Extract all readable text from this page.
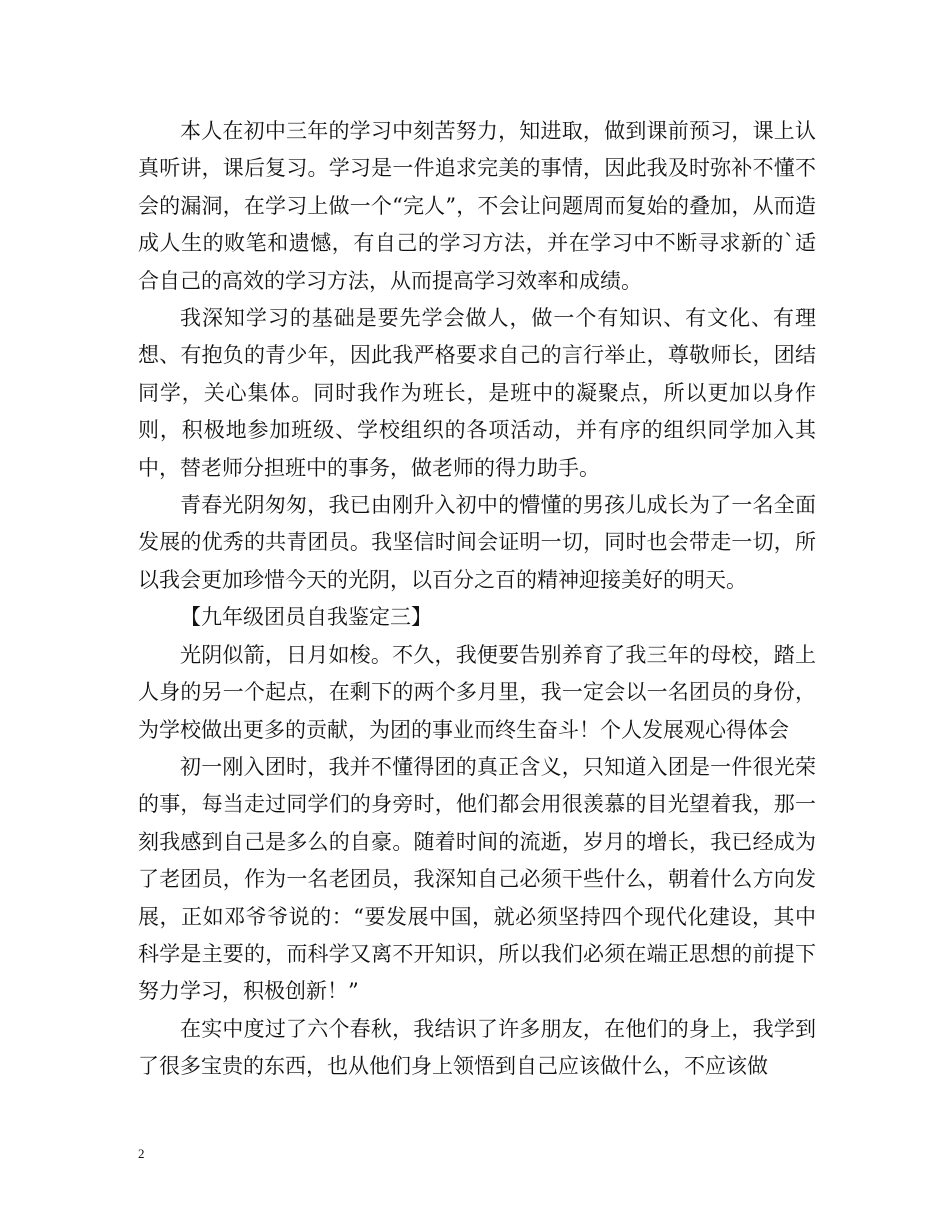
本人在初中三年的学习中刻苦努力，知进取，做到课前预习，课上认真听讲，课后复习。学习是一件追求完美的事情，因此我及时弥补不懂不会的漏洞，在学习上做一个“完人”，不会让问题周而复始的叠加，从而造成人生的败笔和遗憾，有自己的学习方法，并在学习中不断寻求新的`适合自己的高效的学习方法，从而提高学习效率和成绩。

我深知学习的基础是要先学会做人，做一个有知识、有文化、有理想、有抱负的青少年，因此我严格要求自己的言行举止，尊敬师长，团结同学，关心集体。同时我作为班长，是班中的凝聚点，所以更加以身作则，积极地参加班级、学校组织的各项活动，并有序的组织同学加入其中，替老师分担班中的事务，做老师的得力助手。

青春光阴匆匆，我已由刚升入初中的懵懂的男孩儿成长为了一名全面发展的优秀的共青团员。我坚信时间会证明一切，同时也会带走一切，所以我会更加珍惜今天的光阴，以百分之百的精神迎接美好的明天。

【九年级团员自我鉴定三】

光阴似箭，日月如梭。不久，我便要告别养育了我三年的母校，踏上人身的另一个起点，在剩下的两个多月里，我一定会以一名团员的身份，为学校做出更多的贡献，为团的事业而终生奋斗！个人发展观心得体会

初一刚入团时，我并不懂得团的真正含义，只知道入团是一件很光荣的事，每当走过同学们的身旁时，他们都会用很羡慕的目光望着我，那一刻我感到自己是多么的自豪。随着时间的流逝，岁月的增长，我已经成为了老团员，作为一名老团员，我深知自己必须干些什么，朝着什么方向发展，正如邓爷爷说的：“要发展中国，就必须坚持四个现代化建设，其中科学是主要的，而科学又离不开知识，所以我们必须在端正思想的前提下努力学习，积极创新！”

在实中度过了六个春秋，我结识了许多朋友，在他们的身上，我学到了很多宝贵的东西，也从他们身上领悟到自己应该做什么，不应该做

2
